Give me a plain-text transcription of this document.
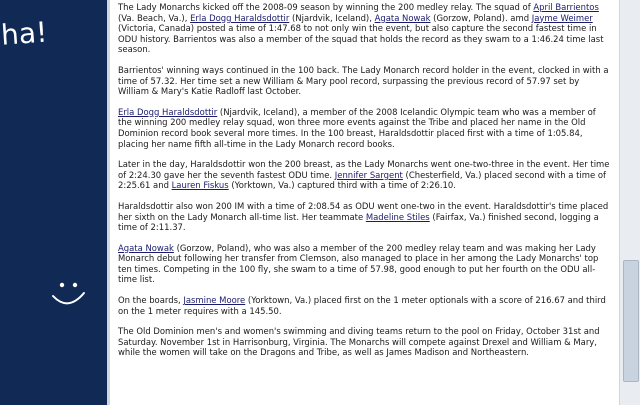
ha!

The Lady Monarchs kicked off the 2008-09 season by winning the 200 medley relay. The squad of April Barrientos (Va. Beach, Va.), Erla Dogg Haraldsdottir (Njardvik, Iceland), Agata Nowak (Gorzow, Poland). amd Jayme Weimer (Victoria, Canada) posted a time of 1:47.68 to not only win the event, but also capture the second fastest time in ODU history. Barrientos was also a member of the squad that holds the record as they swam to a 1:46.24 time last season.

Barrientos' winning ways continued in the 100 back. The Lady Monarch record holder in the event, clocked in with a time of 57.32. Her time set a new William & Mary pool record, surpassing the previous record of 57.97 set by William & Mary's Katie Radloff last October.

Erla Dogg Haraldsdottir (Njardvik, Iceland), a member of the 2008 Icelandic Olympic team who was a member of the winning 200 medley relay squad, won three more events against the Tribe and placed her name in the Old Dominion record book several more times. In the 100 breast, Haraldsdottir placed first with a time of 1:05.84, placing her name fifth all-time in the Lady Monarch record books.

Later in the day, Haraldsdottir won the 200 breast, as the Lady Monarchs went one-two-three in the event. Her time of 2:24.30 gave her the seventh fastest ODU time. Jennifer Sargent (Chesterfield, Va.) placed second with a time of 2:25.61 and Lauren Fiskus (Yorktown, Va.) captured third with a time of 2:26.10.

Haraldsdottir also won 200 IM with a time of 2:08.54 as ODU went one-two in the event. Haraldsdottir's time placed her sixth on the Lady Monarch all-time list. Her teammate Madeline Stiles (Fairfax, Va.) finished second, logging a time of 2:11.37.

Agata Nowak (Gorzow, Poland), who was also a member of the 200 medley relay team and was making her Lady Monarch debut following her transfer from Clemson, also managed to place in her among the Lady Monarchs' top ten times. Competing in the 100 fly, she swam to a time of 57.98, good enough to put her fourth on the ODU all-time list.

On the boards, Jasmine Moore (Yorktown, Va.) placed first on the 1 meter optionals with a score of 216.67 and third on the 1 meter requires with a 145.50.

The Old Dominion men's and women's swimming and diving teams return to the pool on Friday, October 31st and Saturday. November 1st in Harrisonburg, Virginia. The Monarchs will compete against Drexel and William & Mary, while the women will take on the Dragons and Tribe, as well as James Madison and Northeastern.
